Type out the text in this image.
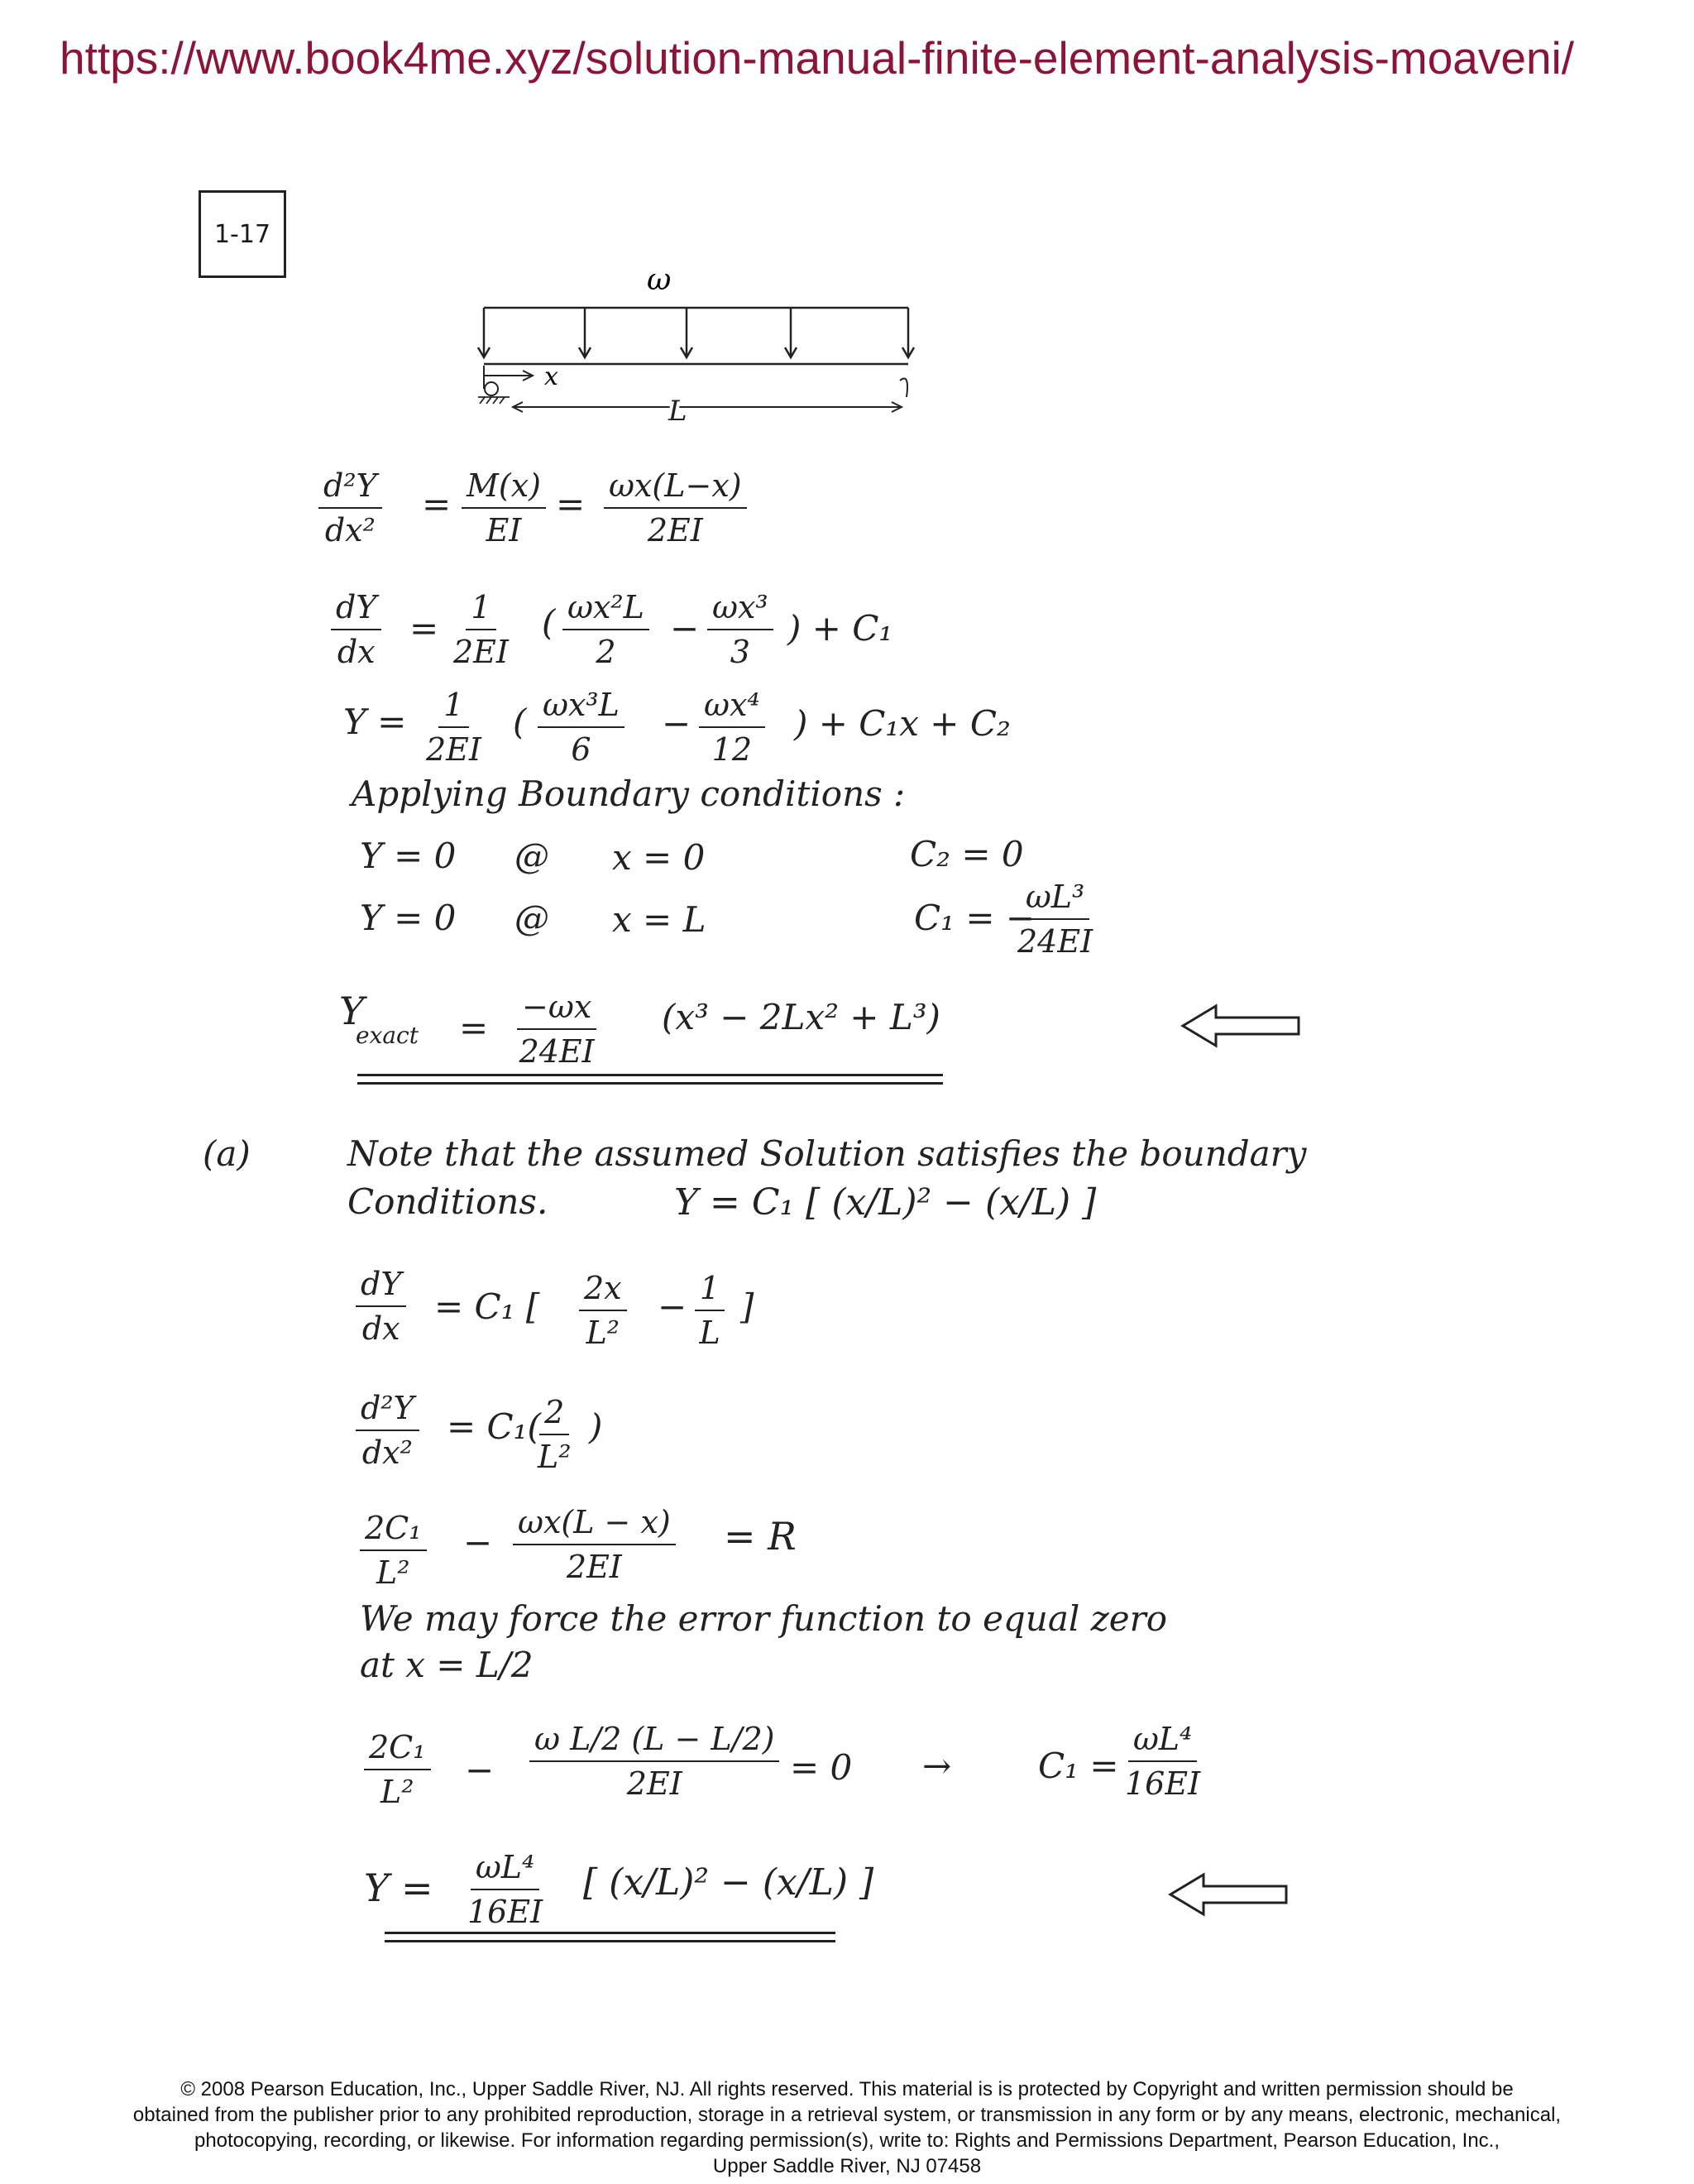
https://www.book4me.xyz/solution-manual-finite-element-analysis-moaveni/
1-17
ω
x
L
$\frac{\text{d²Y}}{\text{dx²}} = \frac{M(x)}{EI} = \frac{\omega x(L-x)}{2EI}$
$\frac{dY}{dx} = \frac{1}{2EI}$ ( $\frac{\text{ωx²L}}{2} - \frac{\text{ωx³}}{3}$ ) + C₁
$Y = \frac{1}{2EI}$ ( $\frac{\text{ωx³L}}{6} - \frac{\text{ωx⁴}}{12}$ ) + C₁x + C₂
Applying Boundary conditions :
Y = 0 @ x = 0	C₂ = 0
Y = 0 @ x = L	C₁ = −
$\frac{\text{ωL³}}{24EI}$
Y
exact = $\frac{-\omega x}{24EI} (x^3 - 2Lx^2 + L^3)$
(a)	Note that the assumed Solution satisfies the boundary
Conditions.	Y = C₁ [ (x/L)² − (x/L) ]
$\frac{dY}{dx} = C_1$ [ $\frac{2x}{\text{L²}} - \frac{1}{L}$ ]
$\frac{\text{d²Y}}{\text{dx²}} = C_1$(
$\frac{2}{\text{L²}}$ )
$\frac{\text{2C₁}}{\text{L²}} - \frac{\omega x(L - x)}{2EI} = R$
We may force the error function to equal zero
at x = L/2
$\frac{\text{2C₁}}{\text{L²}} - \frac{\text{ω L/2 (L − L/2)}}{2EI} = 0 \to C_1 = \frac{\text{ωL⁴}}{16EI}$
$Y = \frac{\text{ωL⁴}}{16EI}$ [ (x/L)² − (x/L) ]
© 2008 Pearson Education, Inc., Upper Saddle River, NJ. All rights reserved. This material is is protected by Copyright and written permission should be
obtained from the publisher prior to any prohibited reproduction, storage in a retrieval system, or transmission in any form or by any means, electronic, mechanical,
photocopying, recording, or likewise. For information regarding permission(s), write to: Rights and Permissions Department, Pearson Education, Inc.,
Upper Saddle River, NJ 07458
